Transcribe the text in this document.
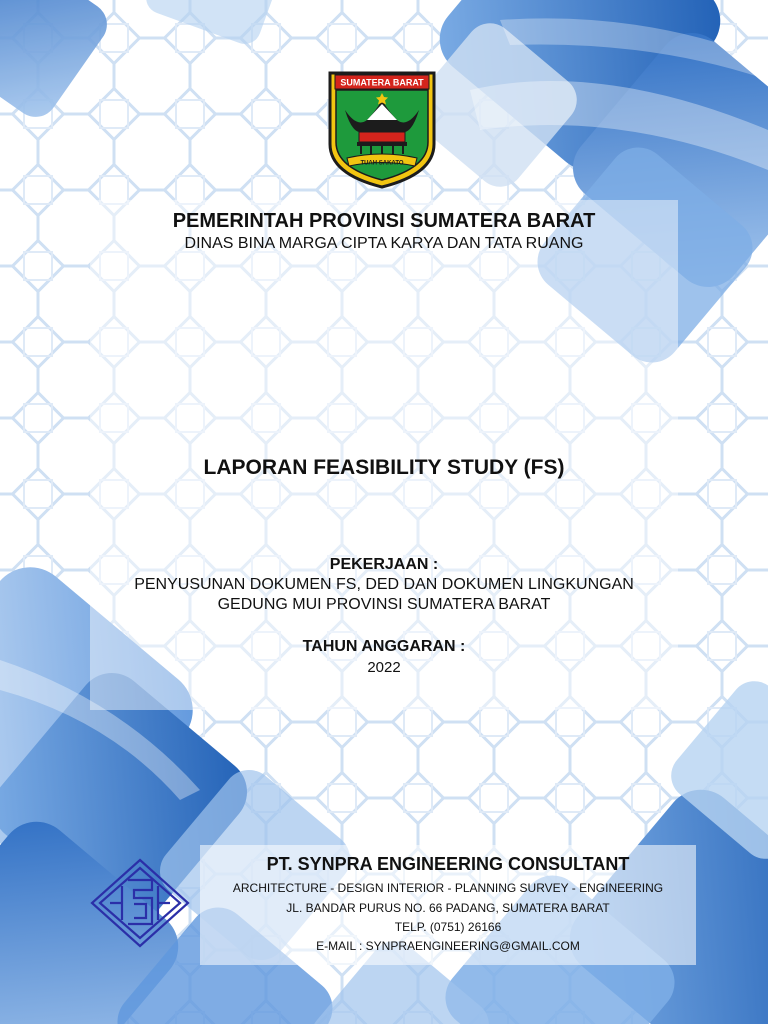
SUMATERA BARAT
TUAH SAKATO
PEMERINTAH PROVINSI SUMATERA BARAT
DINAS BINA MARGA CIPTA KARYA DAN TATA RUANG
LAPORAN FEASIBILITY STUDY (FS)
PEKERJAAN :
PENYUSUNAN DOKUMEN FS, DED DAN DOKUMEN LINGKUNGAN
GEDUNG MUI PROVINSI SUMATERA BARAT
TAHUN ANGGARAN :
2022
PT. SYNPRA ENGINEERING CONSULTANT
ARCHITECTURE - DESIGN INTERIOR - PLANNING SURVEY - ENGINEERING
JL. BANDAR PURUS NO. 66 PADANG, SUMATERA BARAT
TELP. (0751) 26166
E-MAIL : SYNPRAENGINEERING@GMAIL.COM
